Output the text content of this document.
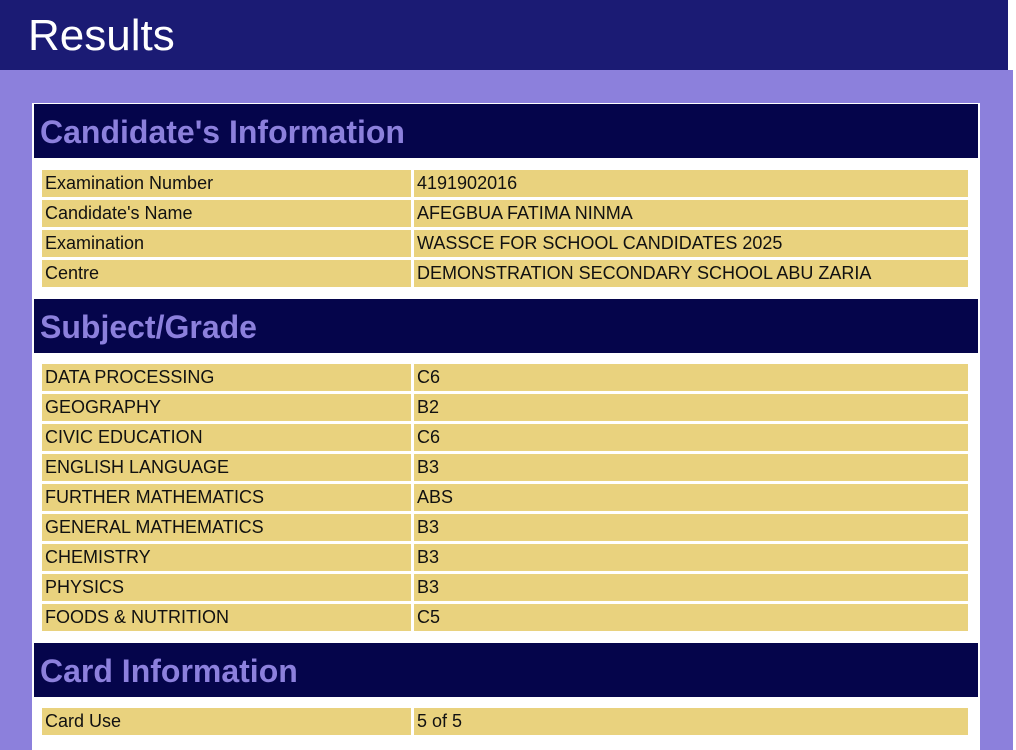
Results
Candidate's Information
Examination Number	4191902016
Candidate's Name	AFEGBUA FATIMA NINMA
Examination	WASSCE FOR SCHOOL CANDIDATES 2025
Centre	DEMONSTRATION SECONDARY SCHOOL ABU ZARIA
Subject/Grade
DATA PROCESSING	C6
GEOGRAPHY	B2
CIVIC EDUCATION	C6
ENGLISH LANGUAGE	B3
FURTHER MATHEMATICS	ABS
GENERAL MATHEMATICS	B3
CHEMISTRY	B3
PHYSICS	B3
FOODS & NUTRITION	C5
Card Information
Card Use	5 of 5
